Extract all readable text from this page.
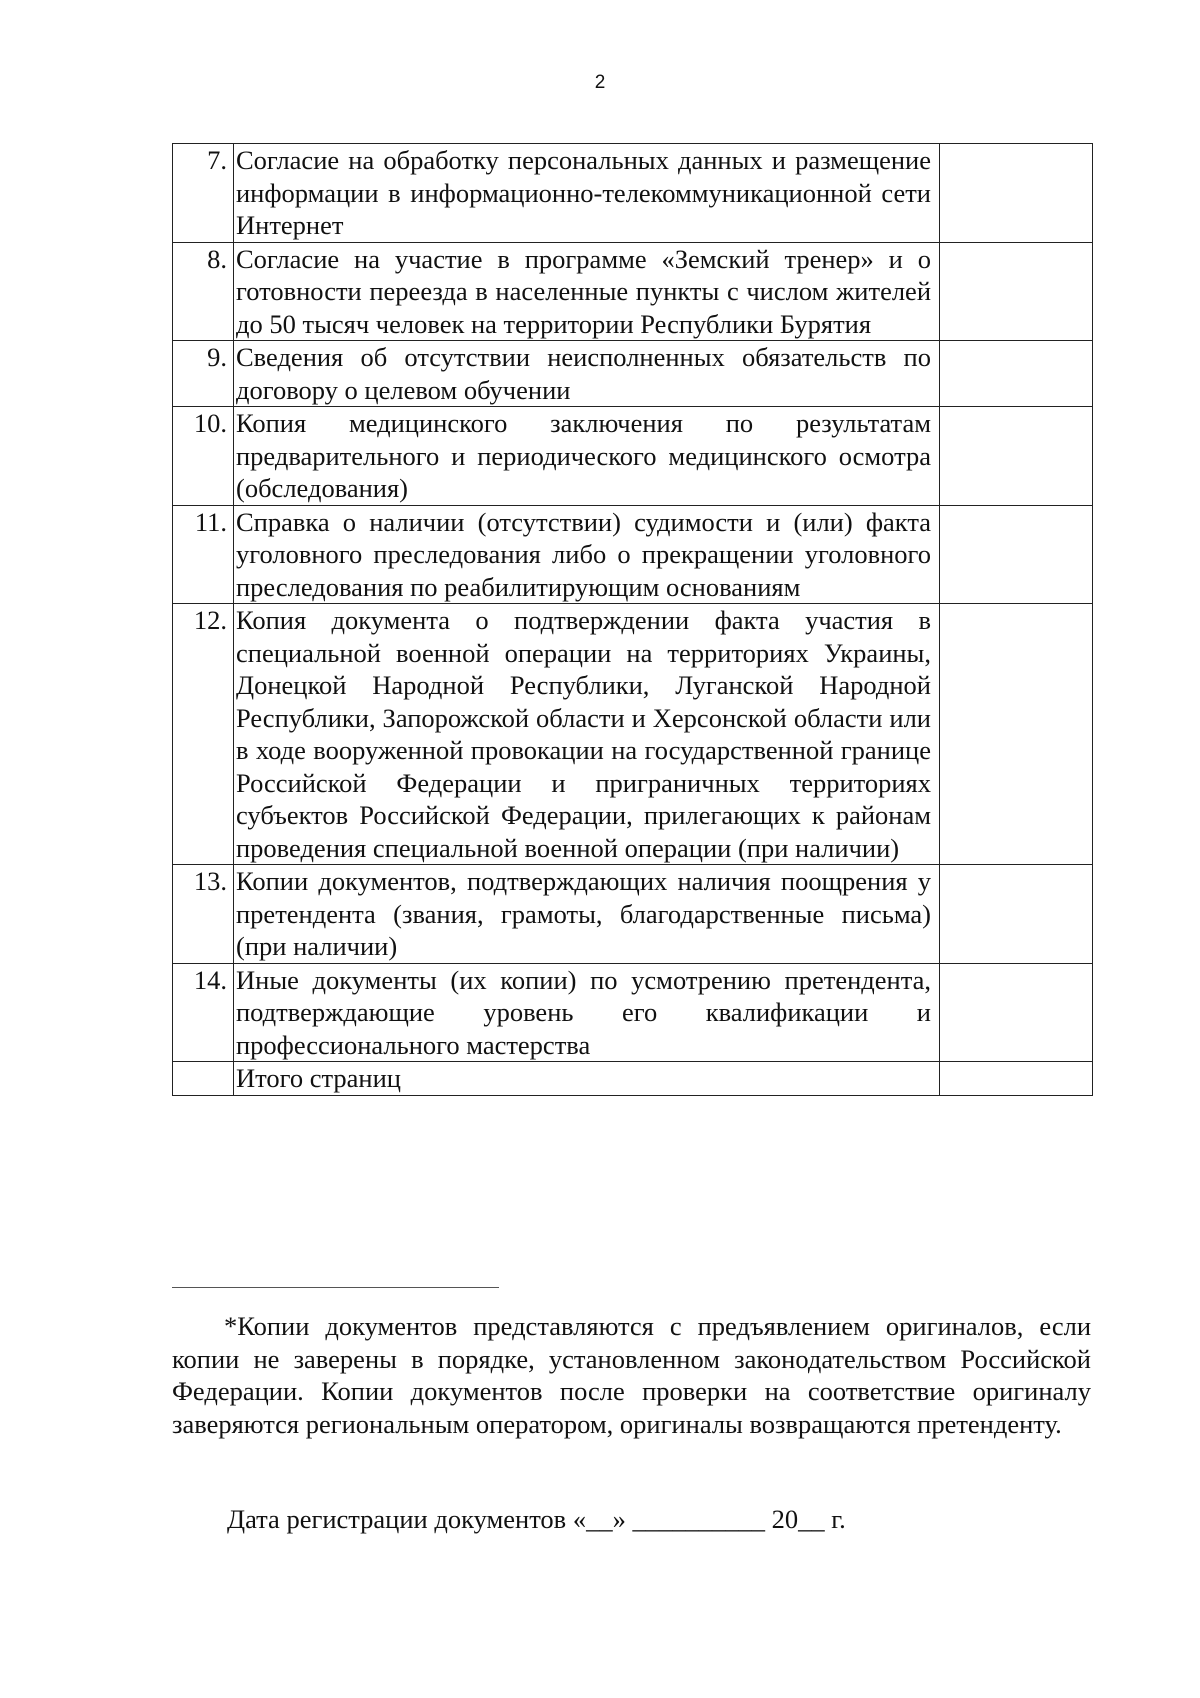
2
7.	Согласие на обработку персональных данных и размещение информации в информационно-телекоммуникационной сети Интернет	
8.	Согласие на участие в программе «Земский тренер» и о готовности переезда в населенные пункты с числом жителей до 50 тысяч человек на территории Республики Бурятия	
9.	Сведения об отсутствии неисполненных обязательств по договору о целевом обучении	
10.	Копия медицинского заключения по результатам предварительного и периодического медицинского осмотра (обследования)	
11.	Справка о наличии (отсутствии) судимости и (или) факта уголовного преследования либо о прекращении уголовного преследования по реабилитирующим основаниям	
12.	Копия документа о подтверждении факта участия в специальной военной операции на территориях Украины, Донецкой Народной Республики, Луганской Народной Республики, Запорожской области и Херсонской области или в ходе вооруженной провокации на государственной границе Российской Федерации и приграничных территориях субъектов Российской Федерации, прилегающих к районам проведения специальной военной операции (при наличии)	
13.	Копии документов, подтверждающих наличия поощрения у претендента (звания, грамоты, благодарственные письма) (при наличии)	
14.	Иные документы (их копии) по усмотрению претендента, подтверждающие уровень его квалификации и профессионального мастерства	
	Итого страниц	

*Копии документов представляются с предъявлением оригиналов, если копии не заверены в порядке, установленном законодательством Российской Федерации. Копии документов после проверки на соответствие оригиналу заверяются региональным оператором, оригиналы возвращаются претенденту.

Дата регистрации документов «__» __________ 20__ г.
